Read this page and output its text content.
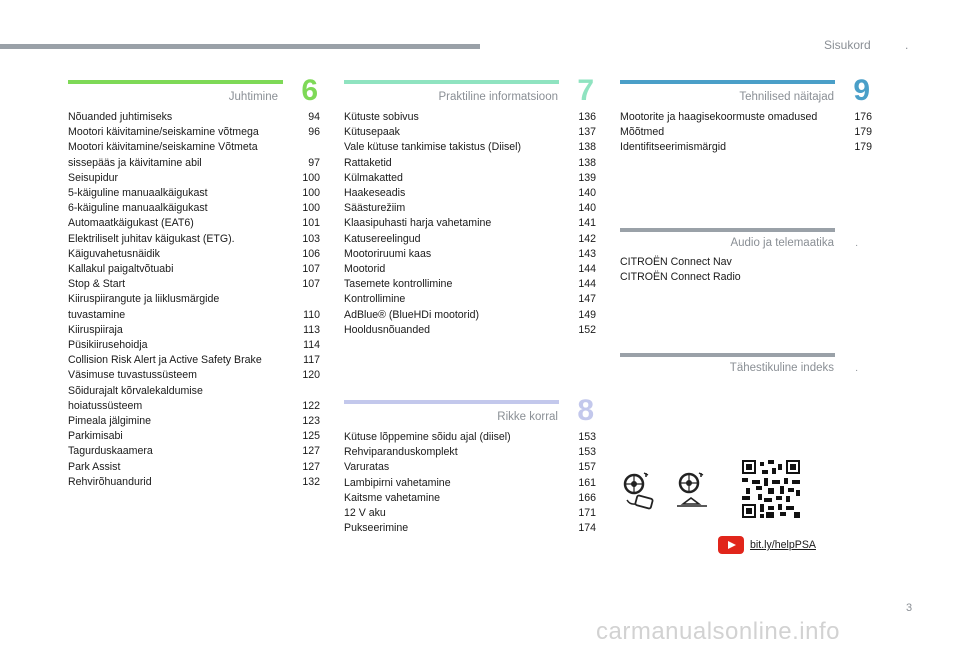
Sisukord	.
Juhtimine 6
Nõuanded juhtimiseks	94
Mootori käivitamine/seiskamine võtmega	96
Mootori käivitamine/seiskamine Võtmeta
sissepääs ja käivitamine abil	97
Seisupidur	100
5-käiguline manuaalkäigukast	100
6-käiguline manuaalkäigukast	100
Automaatkäigukast (EAT6)	101
Elektriliselt juhitav käigukast (ETG).	103
Käiguvahetusnäidik	106
Kallakul paigaltvõtuabi	107
Stop & Start	107
Kiiruspiirangute ja liiklusmärgide
tuvastamine	110
Kiiruspiiraja	113
Püsikiirusehoidja	114
Collision Risk Alert ja Active Safety Brake	117
Väsimuse tuvastussüsteem	120
Sõidurajalt kõrvalekaldumise
hoiatussüsteem	122
Pimeala jälgimine	123
Parkimisabi	125
Tagurduskaamera	127
Park Assist	127
Rehvirõhuandurid	132
Praktiline informatsioon 7
Kütuste sobivus	136
Kütusepaak	137
Vale kütuse tankimise takistus (Diisel)	138
Rattaketid	138
Külmakatted	139
Haakeseadis	140
Säästurežiim	140
Klaasipuhasti harja vahetamine	141
Katusereelingud	142
Mootoriruumi kaas	143
Mootorid	144
Tasemete kontrollimine	144
Kontrollimine	147
AdBlue® (BlueHDi mootorid)	149
Hooldusnõuanded	152
Rikke korral 8
Kütuse lõppemine sõidu ajal (diisel)	153
Rehviparanduskomplekt	153
Varuratas	157
Lambipirni vahetamine	161
Kaitsme vahetamine	166
12 V aku	171
Pukseerimine	174
Tehnilised näitajad 9
Mootorite ja haagisekoormuste omadused	176
Mõõtmed	179
Identifitseerimismärgid	179
Audio ja telemaatika .
CITROËN Connect Nav
CITROËN Connect Radio
Tähestikuline indeks .
bit.ly/helpPSA
3
carmanualsonline.info
